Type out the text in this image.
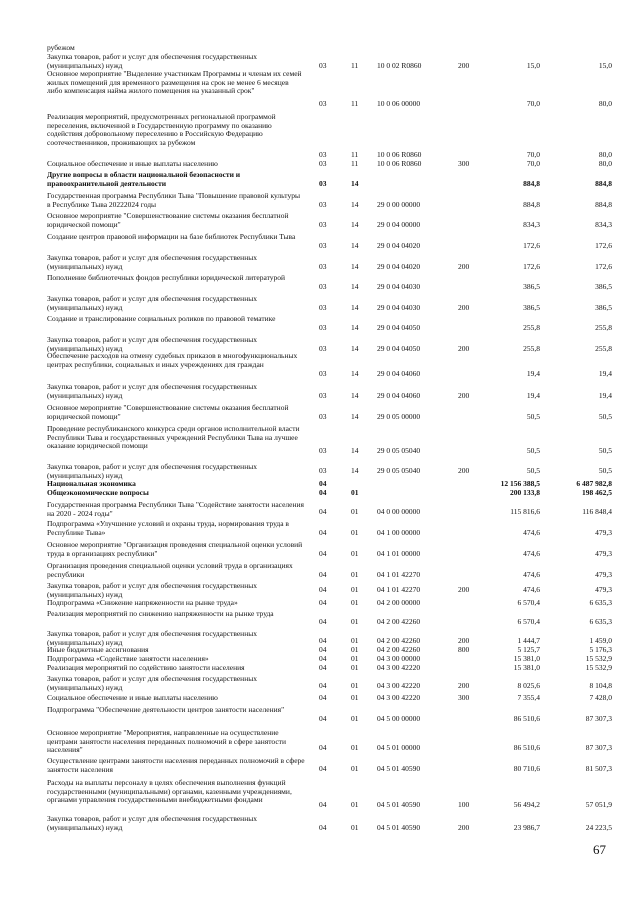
рубежом
Закупка товаров, работ и услуг для обеспечения государственных (муниципальных) нужд	03	11	10 0 02 R0860	200	15,0	15,0
Основное мероприятие "Выделение участникам Программы и членам их семей жилых помещений для временного размещения на срок не менее 6 месяцев либо компенсация найма жилого помещения на указанный срок"
03	11	10 0 06 00000	70,0	80,0
Реализация мероприятий, предусмотренных региональной программой переселения, включенной в Государственную программу по оказанию содействия добровольному переселению в Российскую Федерацию соотечественников, проживающих за рубежом
03	11	10 0 06 R0860	70,0	80,0
Социальное обеспечение и иные выплаты населению	03	11	10 0 06 R0860	300	70,0	80,0
Другие вопросы в области национальной безопасности и правоохранительной деятельности	03	14	884,8	884,8
Государственная программа Республики Тыва "Повышение правовой культуры в Республике Тыва 20222024 годы	03	14 29 0 00 00000	884,8	884,8
Основное мероприятие "Совершенствование системы оказания бесплатной юридической помощи"	03	14 29 0 04 00000	834,3	834,3
Создание центров правовой информации на базе библиотек Республики Тыва
03	14 29 0 04 04020	172,6	172,6
Закупка товаров, работ и услуг для обеспечения государственных (муниципальных) нужд	03	14 29 0 04 04020	200	172,6	172,6
Пополнение библиотечных фондов республики юридической литературой
03	14 29 0 04 04030	386,5	386,5
Закупка товаров, работ и услуг для обеспечения государственных (муниципальных) нужд	03	14 29 0 04 04030	200	386,5	386,5
Создание и транслирование социальных роликов по правовой тематике
03	14 29 0 04 04050	255,8	255,8
Закупка товаров, работ и услуг для обеспечения государственных (муниципальных) нужд	03	14 29 0 04 04050	200	255,8	255,8
Обеспечение расходов на отмену судебных приказов в многофункциональных центрах республики, социальных и иных учреждениях для граждан
03	14 29 0 04 04060	19,4	19,4
Закупка товаров, работ и услуг для обеспечения государственных (муниципальных) нужд	03	14 29 0 04 04060	200	19,4	19,4
Основное мероприятие "Совершенствование системы оказания бесплатной юридической помощи"	03	14 29 0 05 00000	50,5	50,5
Проведение республиканского конкурса среди органов исполнительной власти Республики Тыва и государственных учреждений Республики Тыва на лучшее оказание юридической помощи
03	14 29 0 05 05040	50,5	50,5
Закупка товаров, работ и услуг для обеспечения государственных (муниципальных) нужд
03	14 29 0 05 05040	200	50,5	50,5
Национальная экономика	04	12 156 388,5	6 487 982,8
Общеэкономические вопросы	04	01	200 133,8	198 462,5
Государственная программа Республики Тыва "Содействие занятости населения на 2020 - 2024 годы"	04	01 04 0 00 00000	115 816,6	116 848,4
Подпрограмма «Улучшение условий и охраны труда, нормирования труда в Республике Тыва»	04	01 04 1 00 00000	474,6	479,3
Основное мероприятие "Организация проведения специальной оценки условий труда в организациях республики"	04	01 04 1 01 00000	474,6	479,3
Организация проведения специальной оценки условий труда в организациях республики	04	01 04 1 01 42270	474,6	479,3
Закупка товаров, работ и услуг для обеспечения государственных (муниципальных) нужд
04	01 04 1 01 42270	200	474,6	479,3
Подпрограмма «Снижение напряженности на рынке труда»	04	01 04 2 00 00000	6 570,4	6 635,3
Реализация мероприятий по снижению напряженности на рынке труда
04	01 04 2 00 42260	6 570,4	6 635,3
Закупка товаров, работ и услуг для обеспечения государственных (муниципальных) нужд	04	01 04 2 00 42260	200	1 444,7	1 459,0
Иные бюджетные ассигнования	04	01 04 2 00 42260	800	5 125,7	5 176,3
Подпрограмма «Содействие занятости населения»	04	01 04 3 00 00000	15 381,0	15 532,9
Реализация мероприятий по содействию занятости населения	04	01 04 3 00 42220	15 381,0	15 532,9
Закупка товаров, работ и услуг для обеспечения государственных (муниципальных) нужд	04	01 04 3 00 42220	200	8 025,6	8 104,8
Социальное обеспечение и иные выплаты населению	04	01 04 3 00 42220	300	7 355,4	7 428,0
Подпрограмма "Обеспечение деятельности центров занятости населения"
04	01 04 5 00 00000	86 510,6	87 307,3
Основное мероприятие "Мероприятия, направленные на осуществление центрами занятости населения переданных полномочий в сфере занятости населения"	04	01 04 5 01 00000	86 510,6	87 307,3
Осуществление центрами занятости населения переданных полномочий в сфере занятости населения	04	01 04 5 01 40590	80 710,6	81 507,3
Расходы на выплаты персоналу в целях обеспечения выполнения функций государственными (муниципальными) органами, казенными учреждениями, органами управления государственными внебюджетными фондами
04	01 04 5 01 40590	100	56 494,2	57 051,9
Закупка товаров, работ и услуг для обеспечения государственных (муниципальных) нужд	04	01 04 5 01 40590	200	23 986,7	24 223,5
67
